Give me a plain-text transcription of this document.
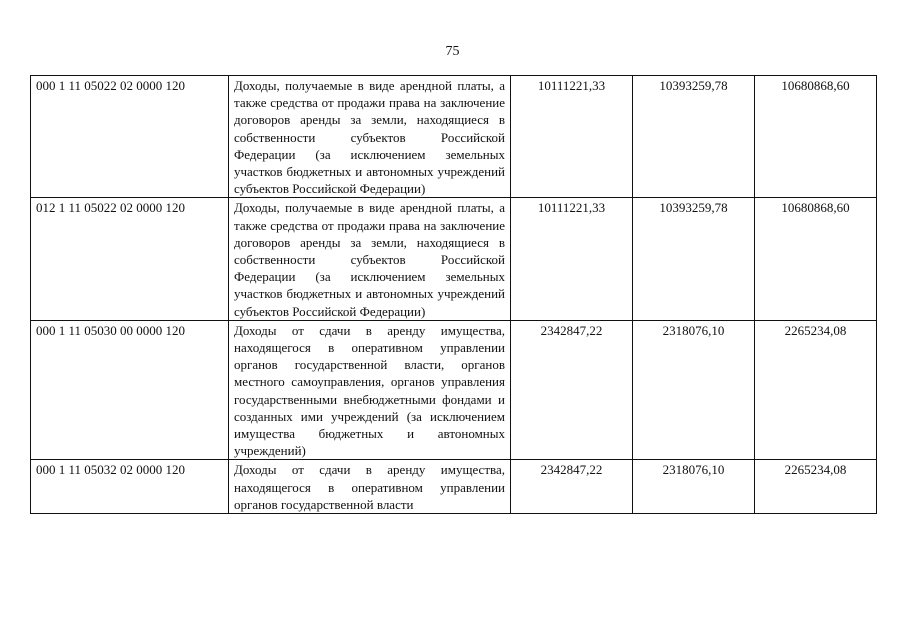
75
000 1 11 05022 02 0000 120	Доходы, получаемые в виде арендной платы, а также средства от продажи права на заключение договоров аренды за земли, находящиеся в собственности субъектов Российской Федерации (за исключением земельных участков бюджетных и автономных учреждений субъектов Российской Федерации)	10111221,33	10393259,78	10680868,60
012 1 11 05022 02 0000 120	Доходы, получаемые в виде арендной платы, а также средства от продажи права на заключение договоров аренды за земли, находящиеся в собственности субъектов Российской Федерации (за исключением земельных участков бюджетных и автономных учреждений субъектов Российской Федерации)	10111221,33	10393259,78	10680868,60
000 1 11 05030 00 0000 120	Доходы от сдачи в аренду имущества, находящегося в оперативном управлении органов государственной власти, органов местного самоуправления, органов управления государственными внебюджетными фондами и созданных ими учреждений (за исключением имущества бюджетных и автономных учреждений)	2342847,22	2318076,10	2265234,08
000 1 11 05032 02 0000 120	Доходы от сдачи в аренду имущества, находящегося в оперативном управлении органов государственной власти	2342847,22	2318076,10	2265234,08
